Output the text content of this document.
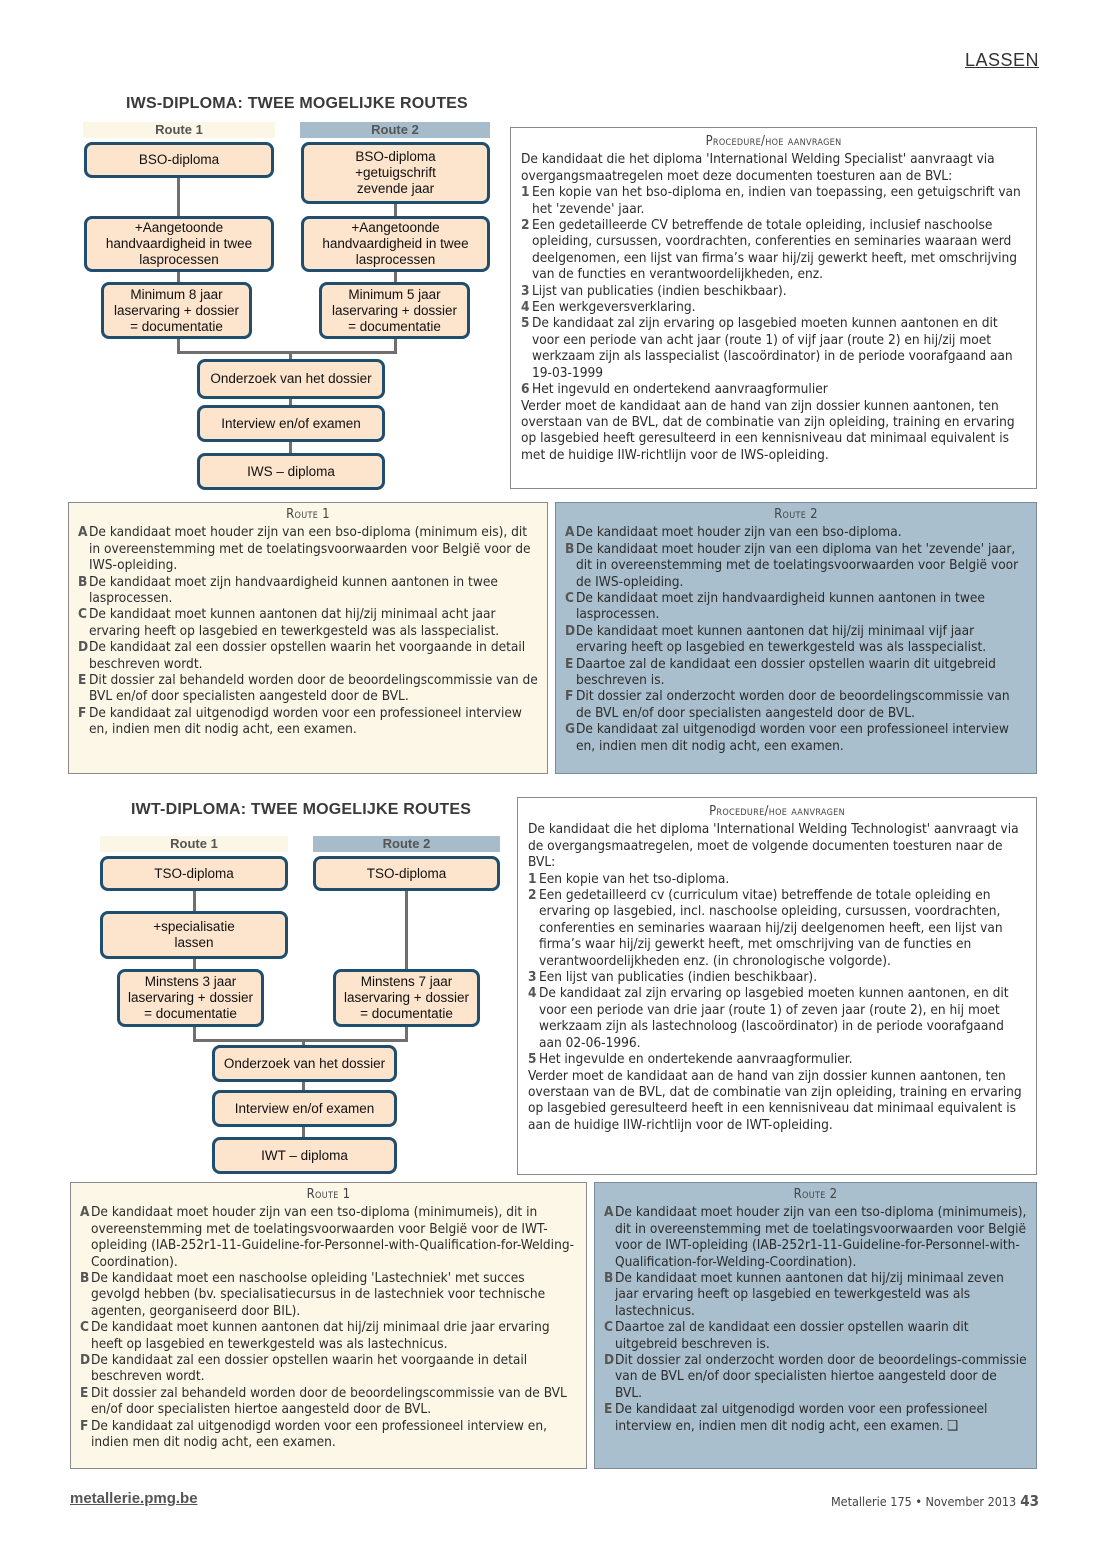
LASSEN
IWS-DIPLOMA: TWEE MOGELIJKE ROUTES
Route 1	Route 2
BSO-diploma
+Aangetoonde
handvaardigheid in twee
lasprocessen
Minimum 8 jaar
laservaring + dossier
= documentatie
BSO-diploma
+getuigschrift
zevende jaar
+Aangetoonde
handvaardigheid in twee
lasprocessen
Minimum 5 jaar
laservaring + dossier
= documentatie
Onderzoek van het dossier
Interview en/of examen
IWS – diploma
Procedure/hoe aanvragen

De kandidaat die het diploma 'International Welding Specialist' aanvraagt via overgangsmaatregelen moet deze documenten toesturen aan de BVL:

1 Een kopie van het bso-diploma en, indien van toepassing, een getuigschrift van het 'zevende' jaar.
2 Een gedetailleerde CV betreffende de totale opleiding, inclusief naschoolse opleiding, cursussen, voordrachten, conferenties en seminaries waaraan werd deelgenomen, een lijst van firma’s waar hij/zij gewerkt heeft, met omschrijving van de functies en verantwoordelijkheden, enz.
3 Lijst van publicaties (indien beschikbaar).
4 Een werkgeversverklaring.
5 De kandidaat zal zijn ervaring op lasgebied moeten kunnen aantonen en dit voor een periode van acht jaar (route 1) of vijf jaar (route 2) en hij/zij moet werkzaam zijn als lasspecialist (lascoördinator) in de periode voorafgaand aan 19-03-1999
6 Het ingevuld en ondertekend aanvraagformulier

Verder moet de kandidaat aan de hand van zijn dossier kunnen aantonen, ten overstaan van de BVL, dat de combinatie van zijn opleiding, training en ervaring op lasgebied heeft geresulteerd in een kennisniveau dat minimaal equivalent is met de huidige IIW-richtlijn voor de IWS-opleiding.

Route 1
A De kandidaat moet houder zijn van een bso-diploma (minimum eis), dit in overeenstemming met de toelatingsvoorwaarden voor België voor de IWS-opleiding.
B De kandidaat moet zijn handvaardigheid kunnen aantonen in twee lasprocessen.
C De kandidaat moet kunnen aantonen dat hij/zij minimaal acht jaar ervaring heeft op lasgebied en tewerkgesteld was als lasspecialist.
D De kandidaat zal een dossier opstellen waarin het voorgaande in detail beschreven wordt.
E Dit dossier zal behandeld worden door de beoordelingscommissie van de BVL en/of door specialisten aangesteld door de BVL.
F De kandidaat zal uitgenodigd worden voor een professioneel interview en, indien men dit nodig acht, een examen.
Route 2
A De kandidaat moet houder zijn van een bso-diploma.
B De kandidaat moet houder zijn van een diploma van het 'zevende' jaar, dit in overeenstemming met de toelatingsvoorwaarden voor België voor de IWS-opleiding.
C De kandidaat moet zijn handvaardigheid kunnen aantonen in twee lasprocessen.
D De kandidaat moet kunnen aantonen dat hij/zij minimaal vijf jaar ervaring heeft op lasgebied en tewerkgesteld was als lasspecialist.
E Daartoe zal de kandidaat een dossier opstellen waarin dit uitgebreid beschreven is.
F Dit dossier zal onderzocht worden door de beoordelingscommissie van de BVL en/of door specialisten aangesteld door de BVL.
G De kandidaat zal uitgenodigd worden voor een professioneel interview en, indien men dit nodig acht, een examen.
IWT-DIPLOMA: TWEE MOGELIJKE ROUTES
Route 1	Route 2
TSO-diploma
+specialisatie
lassen
Minstens 3 jaar
laservaring + dossier
= documentatie
TSO-diploma
Minstens 7 jaar
laservaring + dossier
= documentatie
Onderzoek van het dossier
Interview en/of examen
IWT – diploma
Procedure/hoe aanvragen

De kandidaat die het diploma 'International Welding Technologist' aanvraagt via de overgangsmaatregelen, moet de volgende documenten toesturen naar de BVL:

1 Een kopie van het tso-diploma.
2 Een gedetailleerd cv (curriculum vitae) betreffende de totale opleiding en ervaring op lasgebied, incl. naschoolse opleiding, cursussen, voordrachten, conferenties en seminaries waaraan hij/zij deelgenomen heeft, een lijst van firma’s waar hij/zij gewerkt heeft, met omschrijving van de functies en verantwoordelijkheden enz. (in chronologische volgorde).
3 Een lijst van publicaties (indien beschikbaar).
4 De kandidaat zal zijn ervaring op lasgebied moeten kunnen aantonen, en dit voor een periode van drie jaar (route 1) of zeven jaar (route 2), en hij moet werkzaam zijn als lastechnoloog (lascoördinator) in de periode voorafgaand aan 02-06-1996.
5 Het ingevulde en ondertekende aanvraagformulier.

Verder moet de kandidaat aan de hand van zijn dossier kunnen aantonen, ten overstaan van de BVL, dat de combinatie van zijn opleiding, training en ervaring op lasgebied geresulteerd heeft in een kennisniveau dat minimaal equivalent is aan de huidige IIW-richtlijn voor de IWT-opleiding.

Route 1
A De kandidaat moet houder zijn van een tso-diploma (minimumeis), dit in overeenstemming met de toelatingsvoorwaarden voor België voor de IWT-opleiding (IAB-252r1-11-Guideline-for-Personnel-with-Qualification-for-Welding-Coordination).
B De kandidaat moet een naschoolse opleiding 'Lastechniek' met succes gevolgd hebben (bv. specialisatiecursus in de lastechniek voor technische agenten, georganiseerd door BIL).
C De kandidaat moet kunnen aantonen dat hij/zij minimaal drie jaar ervaring heeft op lasgebied en tewerkgesteld was als lastechnicus.
D De kandidaat zal een dossier opstellen waarin het voorgaande in detail beschreven wordt.
E Dit dossier zal behandeld worden door de beoordelingscommissie van de BVL en/of door specialisten hiertoe aangesteld door de BVL.
F De kandidaat zal uitgenodigd worden voor een professioneel interview en, indien men dit nodig acht, een examen.
Route 2
A De kandidaat moet houder zijn van een tso-diploma (minimumeis), dit in overeenstemming met de toelatingsvoorwaarden voor België voor de IWT-opleiding (IAB-252r1-11-Guideline-for-Personnel-with-Qualification-for-Welding-Coordination).
B De kandidaat moet kunnen aantonen dat hij/zij minimaal zeven jaar ervaring heeft op lasgebied en tewerkgesteld was als lastechnicus.
C Daartoe zal de kandidaat een dossier opstellen waarin dit uitgebreid beschreven is.
D Dit dossier zal onderzocht worden door de beoordelings-commissie van de BVL en/of door specialisten hiertoe aangesteld door de BVL.
E De kandidaat zal uitgenodigd worden voor een professioneel interview en, indien men dit nodig acht, een examen. ❑
metallerie.pmg.be	Metallerie 175 • November 2013 43
